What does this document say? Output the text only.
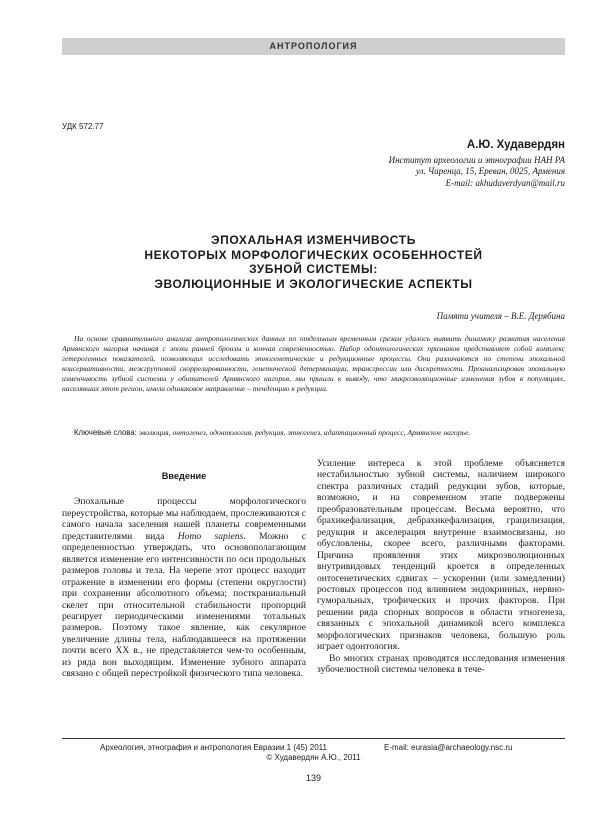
АНТРОПОЛОГИЯ
УДК 572.77
А.Ю. Худавердян
Институт археологии и этнографии НАН РА
ул. Чаренца, 15, Ереван, 0025, Армения
E-mail: akhudaverdyan@mail.ru
ЭПОХАЛЬНАЯ ИЗМЕНЧИВОСТЬ
НЕКОТОРЫХ МОРФОЛОГИЧЕСКИХ ОСОБЕННОСТЕЙ
ЗУБНОЙ СИСТЕМЫ:
ЭВОЛЮЦИОННЫЕ И ЭКОЛОГИЧЕСКИЕ АСПЕКТЫ
Памяти учителя – В.Е. Дерябина

На основе сравнительного анализа антропологических данных по отдельным временным срезам удалось выявить динамику развития населения Армянского нагорья начиная с эпохи ранней бронзы и кончая современностью. Набор одонтологических признаков представляет собой комплекс гетерогенных показателей, позволяющих исследовать этногенетические и редукционные процессы. Они различаются по степени эпохальной консервативности, межгрупповой скоррелированности, генетической детерминации, трансгрессии или дискретности. Проанализировав эпохальную изменчивость зубной системы у обитателей Армянского нагорья, мы пришли к выводу, что микроэволюционные изменения зубов в популяциях, населявших этот регион, имели одинаковое направление – тенденцию к редукции.

Ключевые слова: эволюция, онтогенез, одонтология, редукция, этногенез, адаптационный процесс, Армянское нагорье.
Введение

Эпохальные процессы морфологического переустройства, которые мы наблюдаем, прослеживаются с самого начала заселения нашей планеты современными представителями вида Homo sapiens. Можно с определенностью утверждать, что основополагающим является изменение его интенсивности по оси продольных размеров головы и тела. На черепе этот процесс находит отражение в изменении его формы (степени округлости) при сохранении абсолютного объема; посткраниальный скелет при относительной стабильности пропорций реагирует периодическими изменениями тотальных размеров. Поэтому такое явление, как секулярное увеличение длины тела, наблюдавшееся на протяжении почти всего XX в., не представляется чем-то особенным, из ряда вон выходящим. Изменение зубного аппарата связано с общей перестройкой физического типа человека.

Усиление интереса к этой проблеме объясняется нестабильностью зубной системы, наличием широкого спектра различных стадий редукции зубов, которые, возможно, и на современном этапе подвержены преобразовательным процессам. Весьма вероятно, что брахикефализация, дебрахикефализация, грацилизация, редукция и акселерация внутренне взаимосвязаны, но обусловлены, скорее всего, различными факторами. Причина проявления этих микроэволюционных внутривидовых тенденций кроется в определенных онтогенетических сдвигах – ускорении (или замедлении) ростовых процессов под влиянием эндокринных, нервно-гуморальных, трофических и прочих факторов. При решении ряда спорных вопросов в области этногенеза, связанных с эпохальной динамикой всего комплекса морфологических признаков человека, большую роль играет одонтология.

Во многих странах проводятся исследования изменения зубочелюстной системы человека в тече-

Археология, этнография и антропология Евразии 1 (45) 2011	E-mail: eurasia@archaeology.nsc.ru
© Худавердян А.Ю., 2011
139
